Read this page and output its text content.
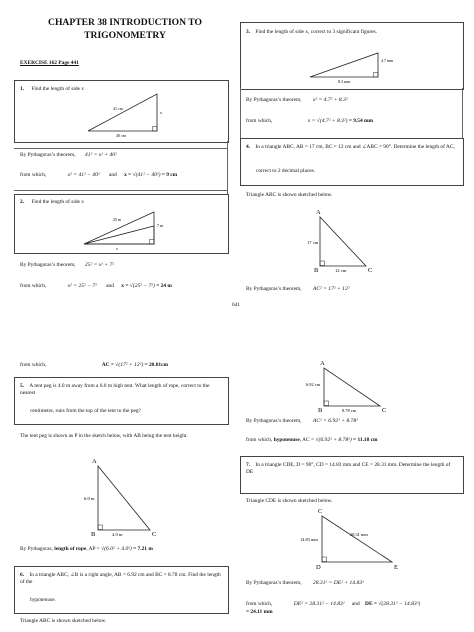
CHAPTER 38 INTRODUCTION TO
TRIGONOMETRY
EXERCISE 162 Page 441
1. Find the length of side x
41 cm
x
40 cm
By Pythagoras’s theorem, 41² = x² + 40²
from which,	x² = 41² − 40² and x = √(41² − 40²) = 9 cm
2. Find the length of side x
25 m
7 m
x
By Pythagoras’s theorem, 25² = x² + 7²
from which,	x² = 25² − 7² and x = √(25² − 7²) = 24 m
3. Find the length of side x, correct to 3 significant figures.
4.7 mm
8.3 mm
By Pythagoras’s theorem, x² = 4.7² + 8.3²
from which,	x = √(4.7² + 8.3²) = 9.54 mm
4. In a triangle ABC, AB = 17 cm, BC = 12 cm and ∠ABC = 90°. Determine the length of AC,
correct to 2 decimal places.
Triangle ABC is shown sketched below.
A
B	C
17 cm
12 cm
By Pythagoras’s theorem, AC² = 17² + 12²
641
from which,	AC = √(17² + 12²) = 20.81cm
5. A tent peg is 4.0 m away from a 6.0 m high tent. What length of rope, correct to the nearest
centimetre, runs from the top of the tent to the peg?
The tent peg is shown as P in the sketch below, with AB being the tent height.
A
B	C
6.0 m
4.0 m
By Pythagoras, length of rope, AP = √(6.0² + 4.0²) = 7.21 m
6. In a triangle ABC, ∠B is a right angle, AB = 6.92 cm and BC = 8.78 cm. Find the length of the
hypotenuse.
Triangle ABC is shown sketched below.
A
B	C
6.92 cm
8.78 cm
By Pythagoras’s theorem, AC² = 6.92² + 8.78²
from which, hypotenuse, AC = √(6.92² + 8.78²) = 11.18 cm
7. In a triangle CDE, D = 90°, CD = 14.83 mm and CE = 28.31 mm. Determine the length of DE
Triangle CDE is shown sketched below.
C
D	E
14.83 mm
28.31 mm
By Pythagoras’s theorem, 28.31² = DE² + 14.83²
from which,	DE² = 28.31² − 14.83² and DE = √(28.31² − 14.83²)
= 24.11 mm
